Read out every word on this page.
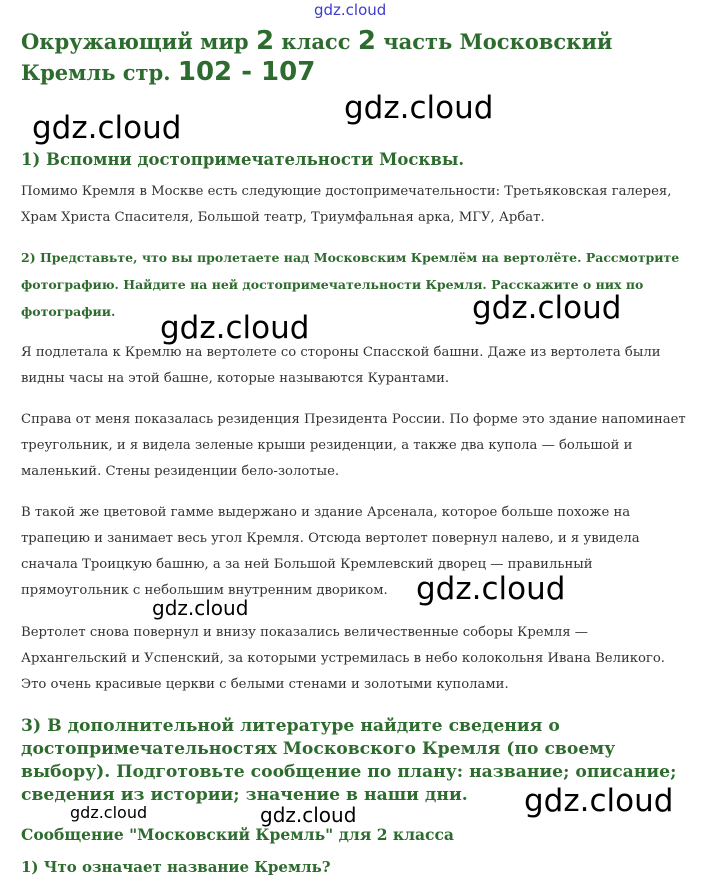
gdz.cloud
gdz.cloud
gdz.cloud
gdz.cloud
gdz.cloud
gdz.cloud
gdz.cloud
gdz.cloud
gdz.cloud
gdz.cloud
Окружающий мир 2 класс 2 часть Московский Кремль стр. 102 - 107
1) Вспомни достопримечательности Москвы.

Помимо Кремля в Москве есть следующие достопримечательности: Третьяковская галерея, Храм Христа Спасителя, Большой театр, Триумфальная арка, МГУ, Арбат.

2) Представьте, что вы пролетаете над Московским Кремлём на вертолёте. Рассмотрите фотографию. Найдите на ней достопримечательности Кремля. Расскажите о них по фотографии.

Я подлетала к Кремлю на вертолете со стороны Спасской башни. Даже из вертолета были видны часы на этой башне, которые называются Курантами.

Справа от меня показалась резиденция Президента России. По форме это здание напоминает треугольник, и я видела зеленые крыши резиденции, а также два купола — большой и маленький. Стены резиденции бело-золотые.

В такой же цветовой гамме выдержано и здание Арсенала, которое больше похоже на трапецию и занимает весь угол Кремля. Отсюда вертолет повернул налево, и я увидела сначала Троицкую башню, а за ней Большой Кремлевский дворец — правильный прямоугольник с небольшим внутренним двориком.

Вертолет снова повернул и внизу показались величественные соборы Кремля — Архангельский и Успенский, за которыми устремилась в небо колокольня Ивана Великого. Это очень красивые церкви с белыми стенами и золотыми куполами.

3) В дополнительной литературе найдите сведения о достопримечательностях Московского Кремля (по своему выбору). Подготовьте сообщение по плану: название; описание; сведения из истории; значение в наши дни.
Сообщение "Московский Кремль" для 2 класса
1) Что означает название Кремль?
